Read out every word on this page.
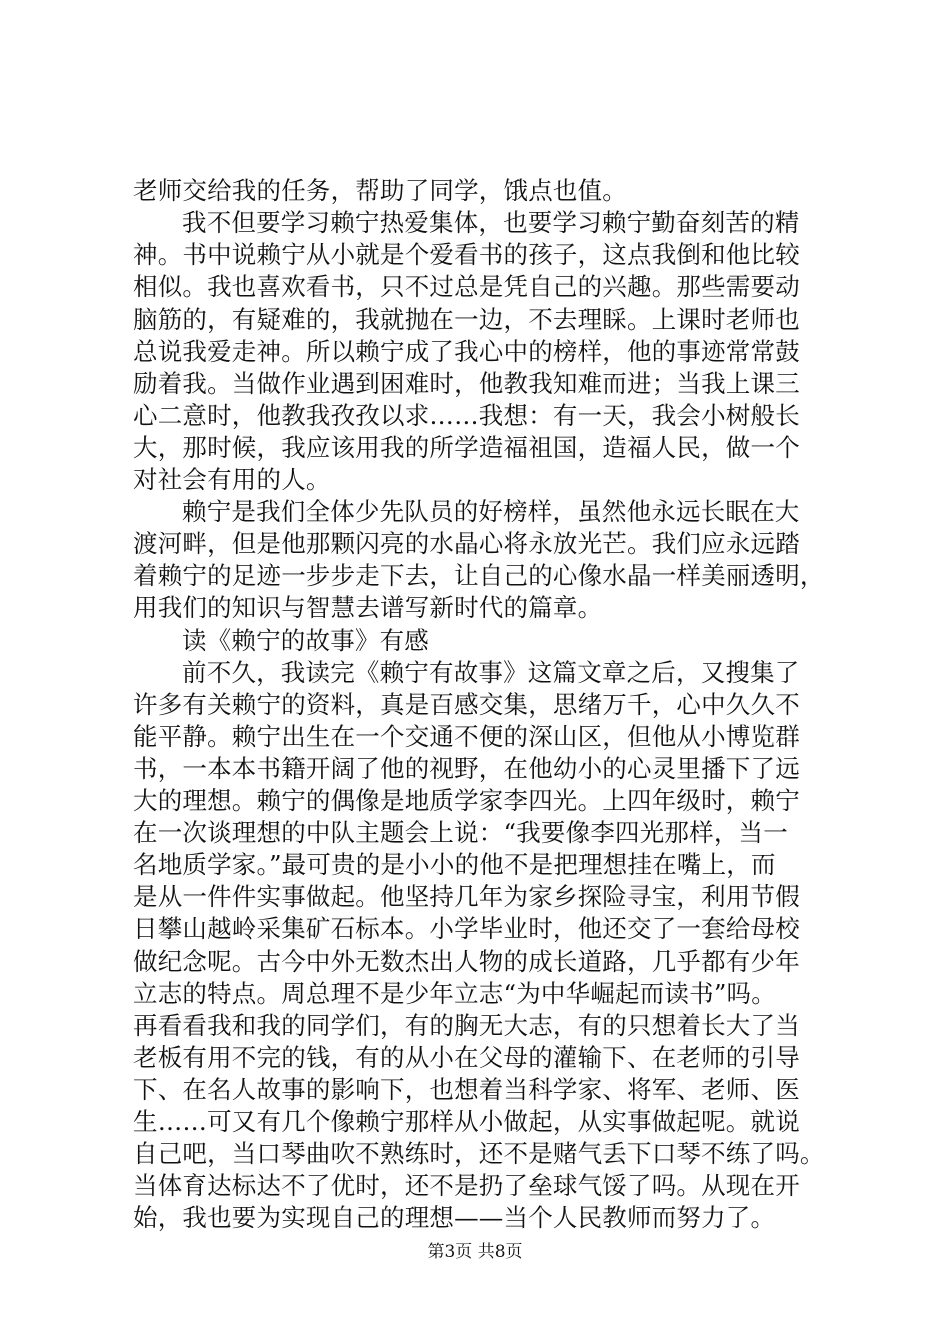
老师交给我的任务，帮助了同学，饿点也值。
我不但要学习赖宁热爱集体，也要学习赖宁勤奋刻苦的精
神。书中说赖宁从小就是个爱看书的孩子，这点我倒和他比较
相似。我也喜欢看书，只不过总是凭自己的兴趣。那些需要动
脑筋的，有疑难的，我就抛在一边，不去理睬。上课时老师也
总说我爱走神。所以赖宁成了我心中的榜样，他的事迹常常鼓
励着我。当做作业遇到困难时，他教我知难而进；当我上课三
心二意时，他教我孜孜以求……我想：有一天，我会小树般长
大，那时候，我应该用我的所学造福祖国，造福人民，做一个
对社会有用的人。
赖宁是我们全体少先队员的好榜样，虽然他永远长眠在大
渡河畔，但是他那颗闪亮的水晶心将永放光芒。我们应永远踏
着赖宁的足迹一步步走下去，让自己的心像水晶一样美丽透明，
用我们的知识与智慧去谱写新时代的篇章。
读《赖宁的故事》有感
前不久，我读完《赖宁有故事》这篇文章之后，又搜集了
许多有关赖宁的资料，真是百感交集，思绪万千，心中久久不
能平静。赖宁出生在一个交通不便的深山区，但他从小博览群
书，一本本书籍开阔了他的视野，在他幼小的心灵里播下了远
大的理想。赖宁的偶像是地质学家李四光。上四年级时，赖宁
在一次谈理想的中队主题会上说：“我要像李四光那样，当一
名地质学家。”最可贵的是小小的他不是把理想挂在嘴上，而
是从一件件实事做起。他坚持几年为家乡探险寻宝，利用节假
日攀山越岭采集矿石标本。小学毕业时，他还交了一套给母校
做纪念呢。古今中外无数杰出人物的成长道路，几乎都有少年
立志的特点。周总理不是少年立志“为中华崛起而读书”吗。
再看看我和我的同学们，有的胸无大志，有的只想着长大了当
老板有用不完的钱，有的从小在父母的灌输下、在老师的引导
下、在名人故事的影响下，也想着当科学家、将军、老师、医
生……可又有几个像赖宁那样从小做起，从实事做起呢。就说
自己吧，当口琴曲吹不熟练时，还不是赌气丢下口琴不练了吗。
当体育达标达不了优时，还不是扔了垒球气馁了吗。从现在开
始，我也要为实现自己的理想——当个人民教师而努力了。
第3页 共8页
